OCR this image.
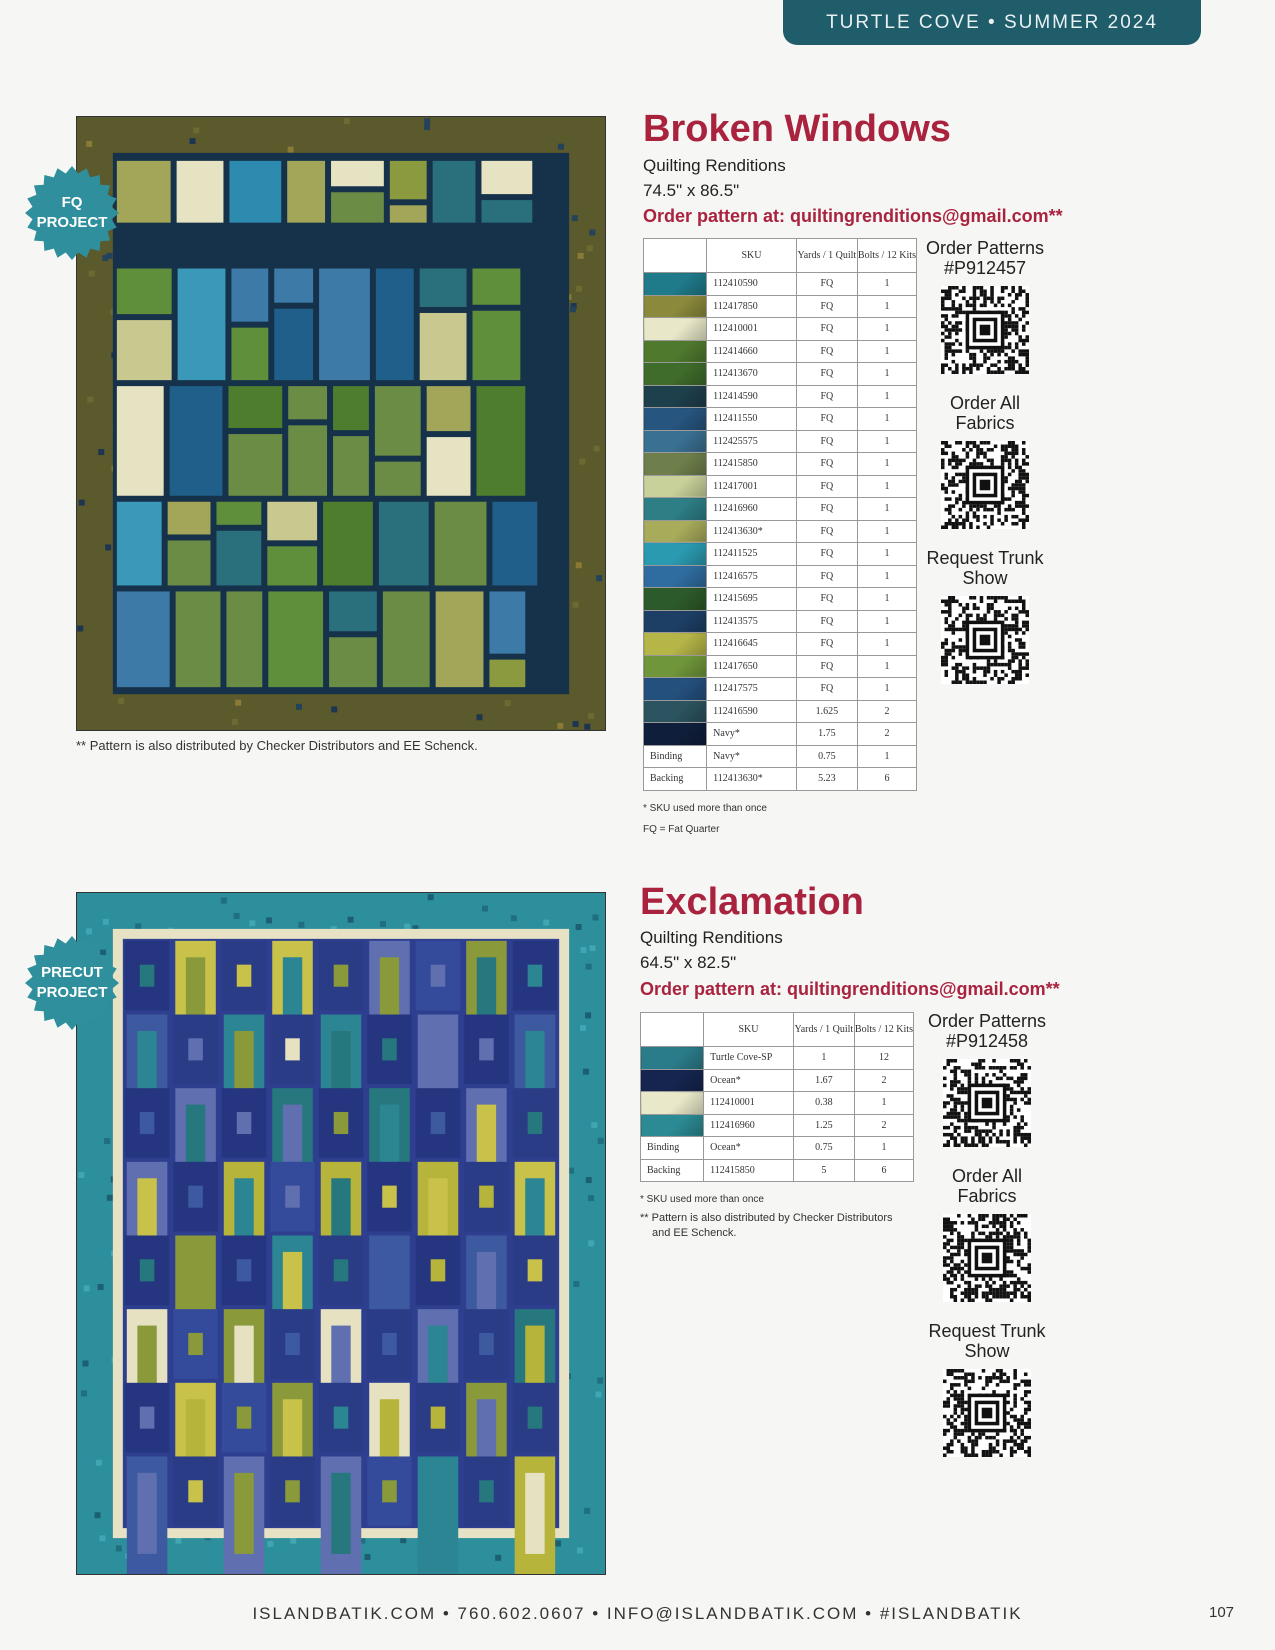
TURTLE COVE • SUMMER 2024
FQ
PROJECT
** Pattern is also distributed by Checker Distributors and EE Schenck.
Broken Windows
Quilting Renditions
74.5" x 86.5"
Order pattern at: quiltingrenditions@gmail.com**
	SKU	Yards / 1 Quilt	Bolts / 12 Kits
	112410590	FQ	1
	112417850	FQ	1
	112410001	FQ	1
	112414660	FQ	1
	112413670	FQ	1
	112414590	FQ	1
	112411550	FQ	1
	112425575	FQ	1
	112415850	FQ	1
	112417001	FQ	1
	112416960	FQ	1
	112413630*	FQ	1
	112411525	FQ	1
	112416575	FQ	1
	112415695	FQ	1
	112413575	FQ	1
	112416645	FQ	1
	112417650	FQ	1
	112417575	FQ	1
	112416590	1.625	2
	Navy*	1.75	2
Binding	Navy*	0.75	1
Backing	112413630*	5.23	6
* SKU used more than once
FQ = Fat Quarter
Order Patterns #P912457
Order All Fabrics
Request Trunk Show
PRECUT
PROJECT
Exclamation
Quilting Renditions
64.5" x 82.5"
Order pattern at: quiltingrenditions@gmail.com**
	SKU	Yards / 1 Quilt	Bolts / 12 Kits
	Turtle Cove-SP	1	12
	Ocean*	1.67	2
	112410001	0.38	1
	112416960	1.25	2
Binding	Ocean*	0.75	1
Backing	112415850	5	6
* SKU used more than once
** Pattern is also distributed by Checker Distributors
and EE Schenck.
Order Patterns #P912458
Order All Fabrics
Request Trunk Show
ISLANDBATIK.COM • 760.602.0607 • INFO@ISLANDBATIK.COM • #ISLANDBATIK	107
